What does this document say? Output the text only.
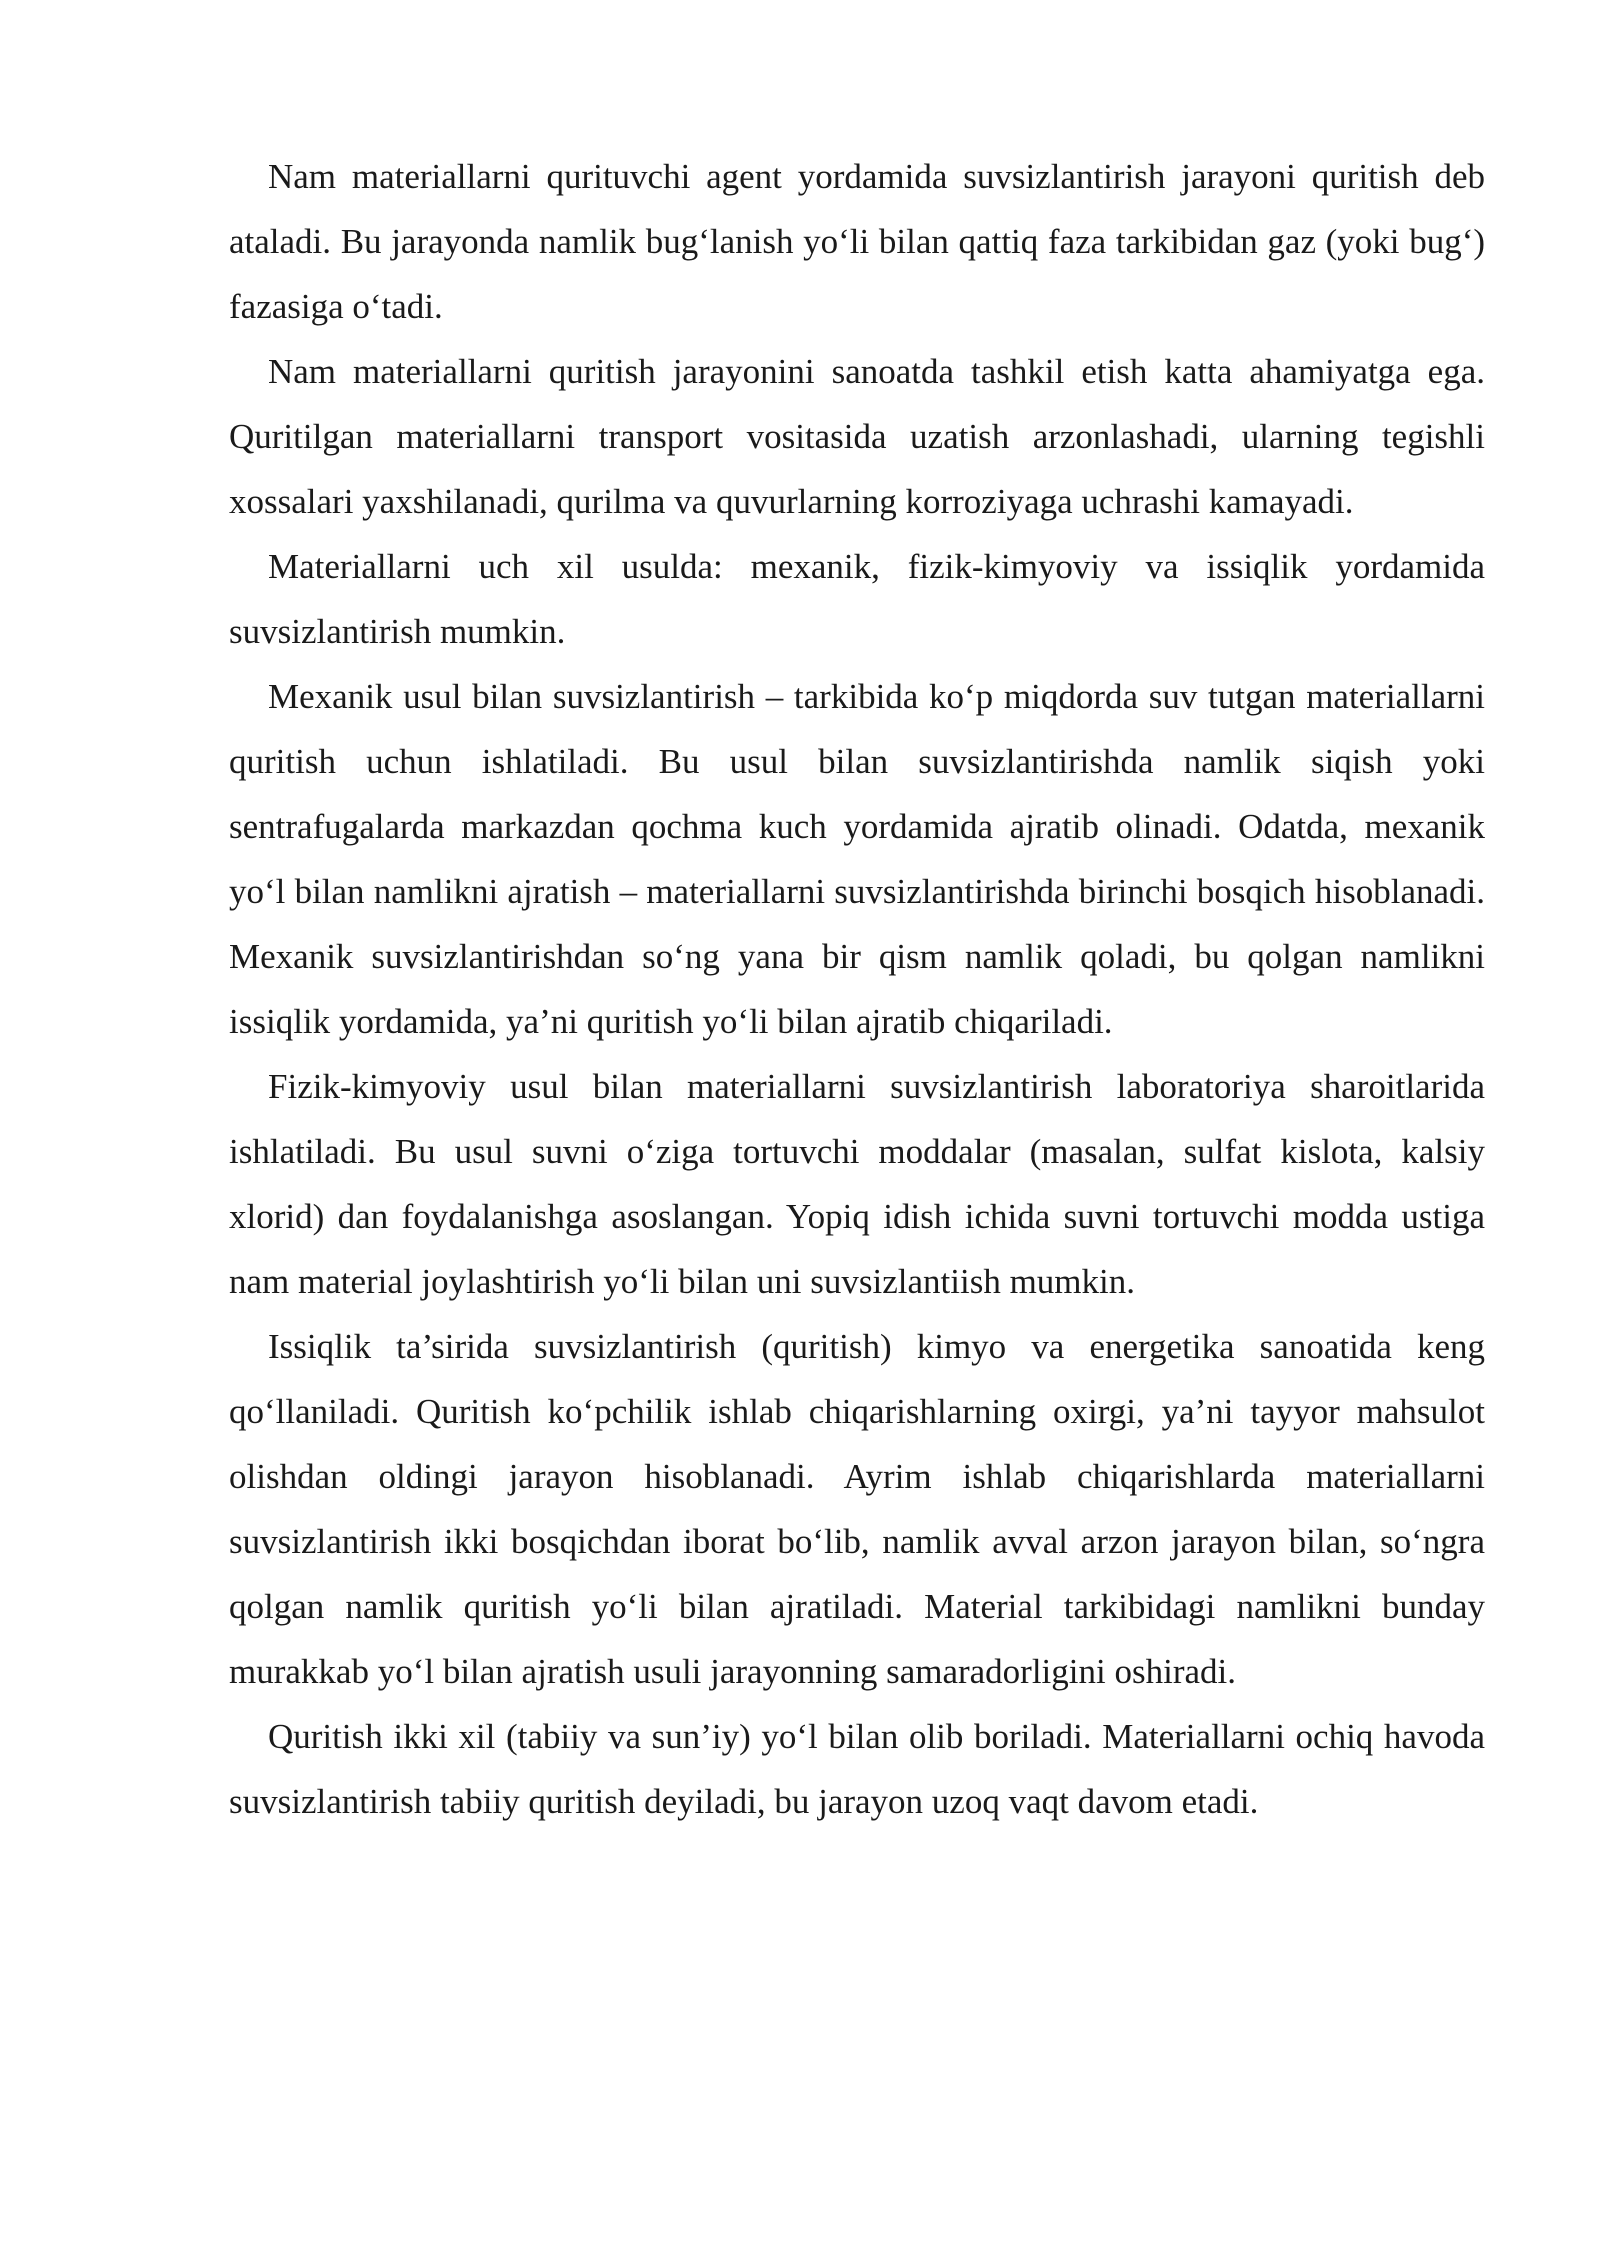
Nam materiallarni qurituvchi agent yordamida suvsizlantirish jarayoni quritish deb ataladi. Bu jarayonda namlik bug‘lanish yo‘li bilan qattiq faza tarkibidan gaz (yoki bug‘) fazasiga o‘tadi.

Nam materiallarni quritish jarayonini sanoatda tashkil etish katta ahamiyatga ega. Quritilgan materiallarni transport vositasida uzatish arzonlashadi, ularning tegishli xossalari yaxshilanadi, qurilma va quvurlarning korroziyaga uchrashi kamayadi.

Materiallarni uch xil usulda: mexanik, fizik-kimyoviy va issiqlik yordamida suvsizlantirish mumkin.

Mexanik usul bilan suvsizlantirish – tarkibida ko‘p miqdorda suv tutgan materiallarni quritish uchun ishlatiladi. Bu usul bilan suvsizlantirishda namlik siqish yoki sentrafugalarda markazdan qochma kuch yordamida ajratib olinadi. Odatda, mexanik yo‘l bilan namlikni ajratish – materiallarni suvsizlantirishda birinchi bosqich hisoblanadi. Mexanik suvsizlantirishdan so‘ng yana bir qism namlik qoladi, bu qolgan namlikni issiqlik yordamida, ya’ni quritish yo‘li bilan ajratib chiqariladi.

Fizik-kimyoviy usul bilan materiallarni suvsizlantirish laboratoriya sharoitlarida ishlatiladi. Bu usul suvni o‘ziga tortuvchi moddalar (masalan, sulfat kislota, kalsiy xlorid) dan foydalanishga asoslangan. Yopiq idish ichida suvni tortuvchi modda ustiga nam material joylashtirish yo‘li bilan uni suvsizlantiish mumkin.

Issiqlik ta’sirida suvsizlantirish (quritish) kimyo va energetika sanoatida keng qo‘llaniladi. Quritish ko‘pchilik ishlab chiqarishlarning oxirgi, ya’ni tayyor mahsulot olishdan oldingi jarayon hisoblanadi. Ayrim ishlab chiqarishlarda materiallarni suvsizlantirish ikki bosqichdan iborat bo‘lib, namlik avval arzon jarayon bilan, so‘ngra qolgan namlik quritish yo‘li bilan ajratiladi. Material tarkibidagi namlikni bunday murakkab yo‘l bilan ajratish usuli jarayonning samaradorligini oshiradi.

Quritish ikki xil (tabiiy va sun’iy) yo‘l bilan olib boriladi. Materiallarni ochiq havoda suvsizlantirish tabiiy quritish deyiladi, bu jarayon uzoq vaqt davom etadi.
